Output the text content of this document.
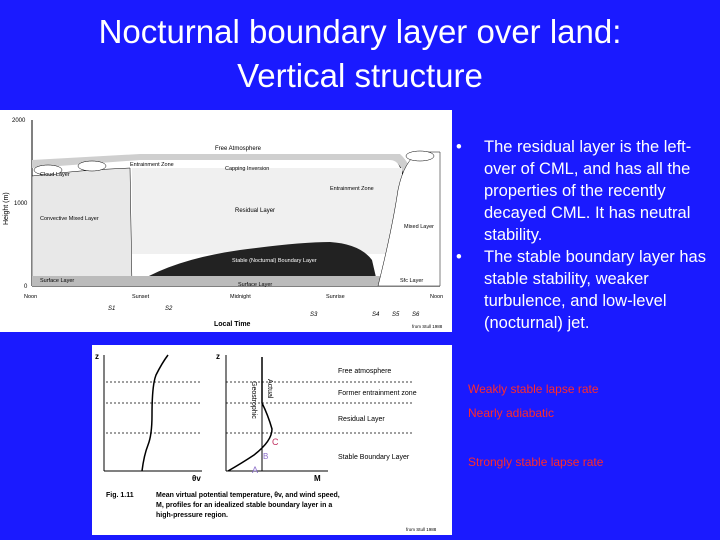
Nocturnal boundary layer over land:
Vertical structure
Height (m)
2000
1000
0
Free Atmosphere
Entrainment Zone
Capping Inversion
Cloud Layer
Entrainment Zone
Residual Layer
Convective Mixed Layer
Mixed Layer
Stable (Nocturnal) Boundary Layer
Surface Layer
Surface Layer
Sfc Layer
Noon	Sunset	Midnight	Sunrise	Noon
S1	S2
S3	S4 S5 S6
Local Time	from Stull 1988
z
θv
z
M
Actual
Geostrophic
C
B
A
Free atmosphere
Former entrainment zone
Residual Layer
Stable Boundary Layer
Fig. 1.11	Mean virtual potential temperature, θv, and wind speed,
M, profiles for an idealized stable boundary layer in a
high-pressure region.
from Stull 1988
• The residual layer is the left-over of CML, and has all the properties of the recently decayed CML. It has neutral stability.
• The stable boundary layer has stable stability, weaker turbulence, and low-level (nocturnal) jet.
Weakly stable lapse rate
Nearly adiabatic
Strongly stable lapse rate
